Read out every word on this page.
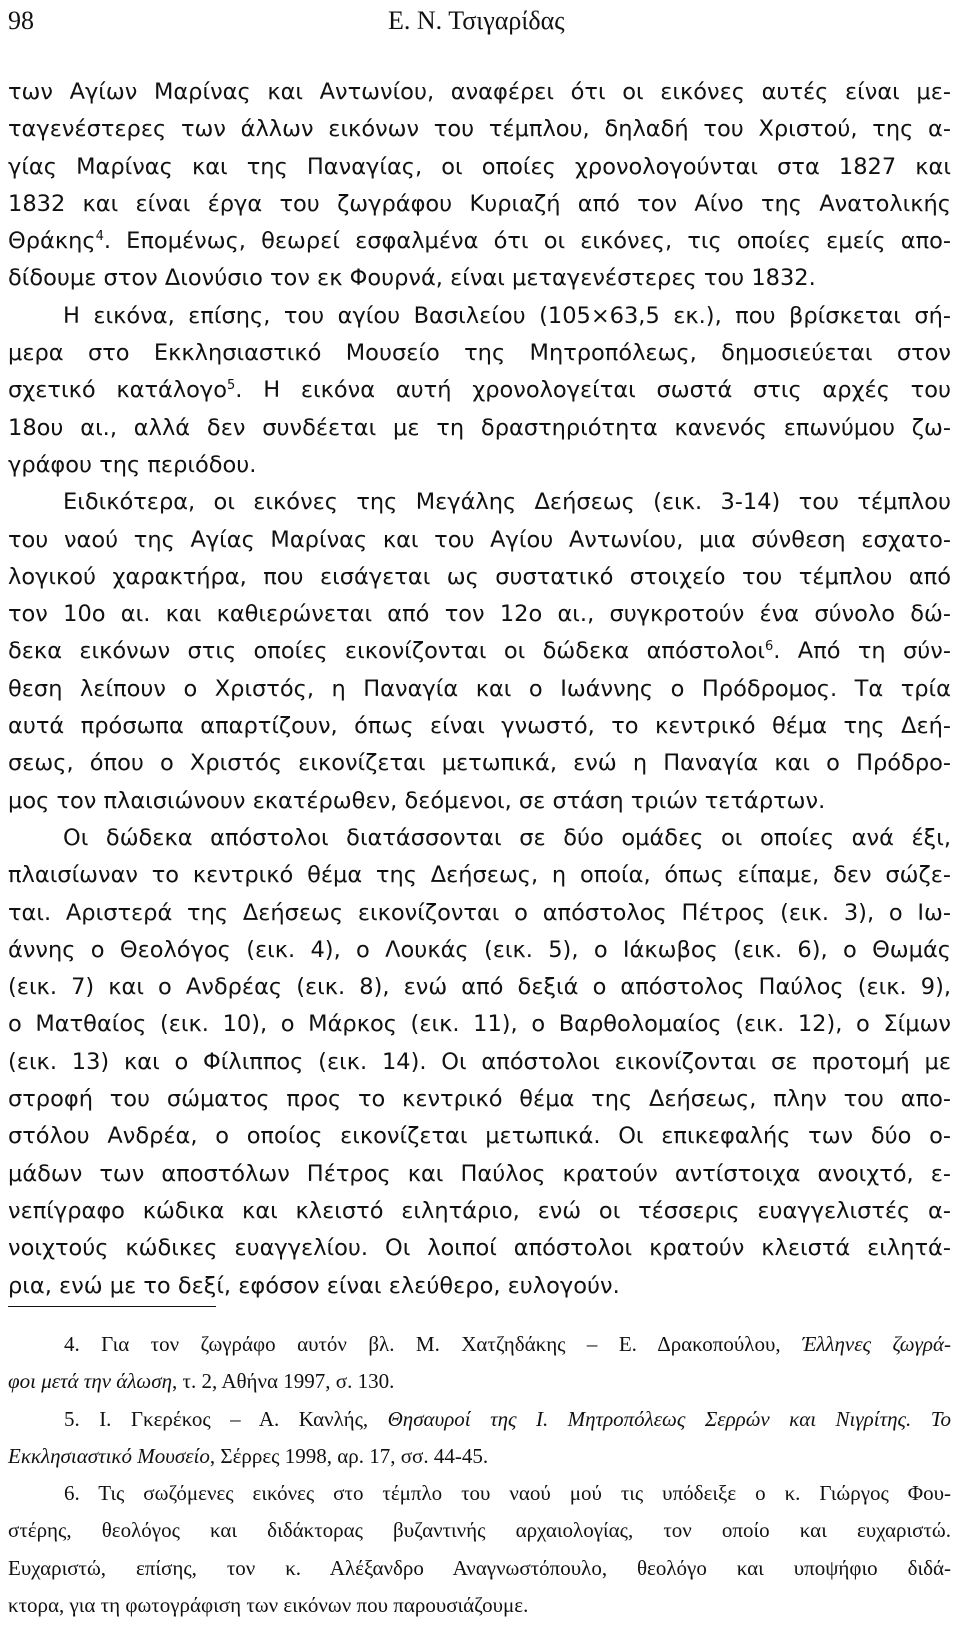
98	Ε. Ν. Τσιγαρίδας
των Αγίων Μαρίνας και Αντωνίου, αναφέρει ότι οι εικόνες αυτές είναι με-
ταγενέστερες των άλλων εικόνων του τέμπλου, δηλαδή του Χριστού, της α-
γίας Μαρίνας και της Παναγίας, οι οποίες χρονολογούνται στα 1827 και
1832 και είναι έργα του ζωγράφου Κυριαζή από τον Αίνο της Ανατολικής
Θράκης$^4$. Επομένως, θεωρεί εσφαλμένα ότι οι εικόνες, τις οποίες εμείς απο-
δίδουμε στον Διονύσιο τον εκ Φουρνά, είναι μεταγενέστερες του 1832.
Η εικόνα, επίσης, του αγίου Βασιλείου (105×63,5 εκ.), που βρίσκεται σή-
μερα στο Εκκλησιαστικό Μουσείο της Μητροπόλεως, δημοσιεύεται στον
σχετικό κατάλογο$^5$. Η εικόνα αυτή χρονολογείται σωστά στις αρχές του
18ου αι., αλλά δεν συνδέεται με τη δραστηριότητα κανενός επωνύμου ζω-
γράφου της περιόδου.
Ειδικότερα, οι εικόνες της Μεγάλης Δεήσεως (εικ. 3-14) του τέμπλου
του ναού της Αγίας Μαρίνας και του Αγίου Αντωνίου, μια σύνθεση εσχατο-
λογικού χαρακτήρα, που εισάγεται ως συστατικό στοιχείο του τέμπλου από
τον 10ο αι. και καθιερώνεται από τον 12ο αι., συγκροτούν ένα σύνολο δώ-
δεκα εικόνων στις οποίες εικονίζονται οι δώδεκα απόστολοι$^6$. Από τη σύν-
θεση λείπουν ο Χριστός, η Παναγία και ο Ιωάννης ο Πρόδρομος. Τα τρία
αυτά πρόσωπα απαρτίζουν, όπως είναι γνωστό, το κεντρικό θέμα της Δεή-
σεως, όπου ο Χριστός εικονίζεται μετωπικά, ενώ η Παναγία και ο Πρόδρο-
μος τον πλαισιώνουν εκατέρωθεν, δεόμενοι, σε στάση τριών τετάρτων.
Οι δώδεκα απόστολοι διατάσσονται σε δύο ομάδες οι οποίες ανά έξι,
πλαισίωναν το κεντρικό θέμα της Δεήσεως, η οποία, όπως είπαμε, δεν σώζε-
ται. Αριστερά της Δεήσεως εικονίζονται ο απόστολος Πέτρος (εικ. 3), ο Ιω-
άννης ο Θεολόγος (εικ. 4), ο Λουκάς (εικ. 5), ο Ιάκωβος (εικ. 6), ο Θωμάς
(εικ. 7) και ο Ανδρέας (εικ. 8), ενώ από δεξιά ο απόστολος Παύλος (εικ. 9),
ο Ματθαίος (εικ. 10), ο Μάρκος (εικ. 11), ο Βαρθολομαίος (εικ. 12), ο Σίμων
(εικ. 13) και ο Φίλιππος (εικ. 14). Οι απόστολοι εικονίζονται σε προτομή με
στροφή του σώματος προς το κεντρικό θέμα της Δεήσεως, πλην του απο-
στόλου Ανδρέα, ο οποίος εικονίζεται μετωπικά. Οι επικεφαλής των δύο ο-
μάδων των αποστόλων Πέτρος και Παύλος κρατούν αντίστοιχα ανοιχτό, ε-
νεπίγραφο κώδικα και κλειστό ειλητάριο, ενώ οι τέσσερις ευαγγελιστές α-
νοιχτούς κώδικες ευαγγελίου. Οι λοιποί απόστολοι κρατούν κλειστά ειλητά-
ρια, ενώ με το δεξί, εφόσον είναι ελεύθερο, ευλογούν.
4. Για τον ζωγράφο αυτόν βλ. Μ. Χατζηδάκης – Ε. Δρακοπούλου, Έλληνες ζωγρά-
φοι μετά την άλωση, τ. 2, Αθήνα 1997, σ. 130.
5. Ι. Γκερέκος – Α. Κανλής, Θησαυροί της Ι. Μητροπόλεως Σερρών και Νιγρίτης. Το
Εκκλησιαστικό Μουσείο, Σέρρες 1998, αρ. 17, σσ. 44-45.
6. Τις σωζόμενες εικόνες στο τέμπλο του ναού μού τις υπόδειξε ο κ. Γιώργος Φου-
στέρης, θεολόγος και διδάκτορας βυζαντινής αρχαιολογίας, τον οποίο και ευχαριστώ.
Ευχαριστώ, επίσης, τον κ. Αλέξανδρο Αναγνωστόπουλο, θεολόγο και υποψήφιο διδά-
κτορα, για τη φωτογράφιση των εικόνων που παρουσιάζουμε.
